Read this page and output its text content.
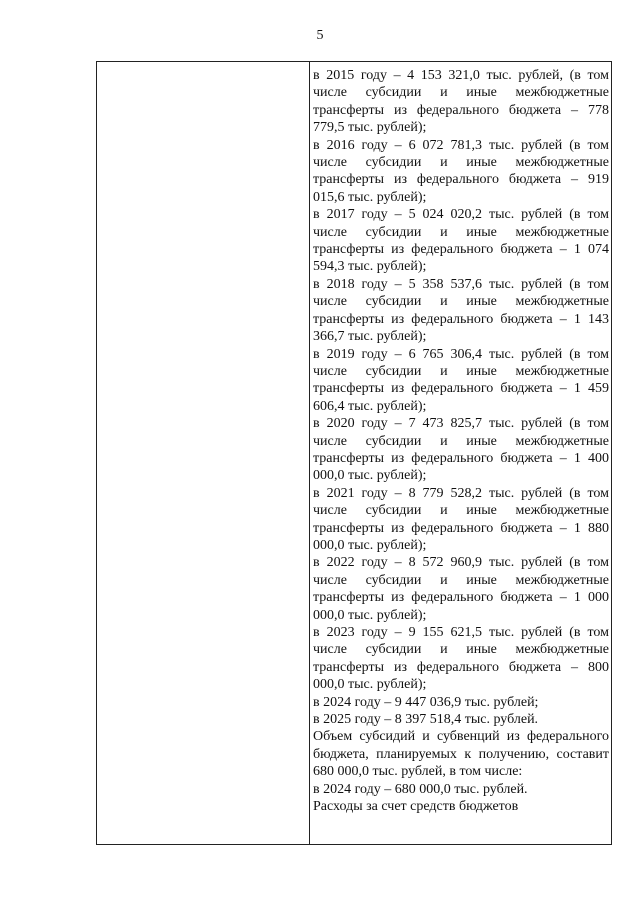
5

в 2015 году – 4 153 321,0 тыс. рублей, (в том числе субсидии и иные межбюджетные трансферты из федерального бюджета – 778 779,5 тыс. рублей);

в 2016 году – 6 072 781,3 тыс. рублей (в том числе субсидии и иные межбюджетные трансферты из федерального бюджета – 919 015,6 тыс. рублей);

в 2017 году – 5 024 020,2 тыс. рублей (в том числе субсидии и иные межбюджетные трансферты из федерального бюджета – 1 074 594,3 тыс. рублей);

в 2018 году – 5 358 537,6 тыс. рублей (в том числе субсидии и иные межбюджетные трансферты из федерального бюджета – 1 143 366,7 тыс. рублей);

в 2019 году – 6 765 306,4 тыс. рублей (в том числе субсидии и иные межбюджетные трансферты из федерального бюджета – 1 459 606,4 тыс. рублей);

в 2020 году – 7 473 825,7 тыс. рублей (в том числе субсидии и иные межбюджетные трансферты из федерального бюджета – 1 400 000,0 тыс. рублей);

в 2021 году – 8 779 528,2 тыс. рублей (в том числе субсидии и иные межбюджетные трансферты из федерального бюджета – 1 880 000,0 тыс. рублей);

в 2022 году – 8 572 960,9 тыс. рублей (в том числе субсидии и иные межбюджетные трансферты из федерального бюджета – 1 000 000,0 тыс. рублей);

в 2023 году – 9 155 621,5 тыс. рублей (в том числе субсидии и иные межбюджетные трансферты из федерального бюджета – 800 000,0 тыс. рублей);

в 2024 году – 9 447 036,9 тыс. рублей;

в 2025 году – 8 397 518,4 тыс. рублей.

Объем субсидий и субвенций из федерального бюджета, планируемых к получению, составит 680 000,0 тыс. рублей, в том числе:

в 2024 году – 680 000,0 тыс. рублей.

Расходы за счет средств бюджетов
